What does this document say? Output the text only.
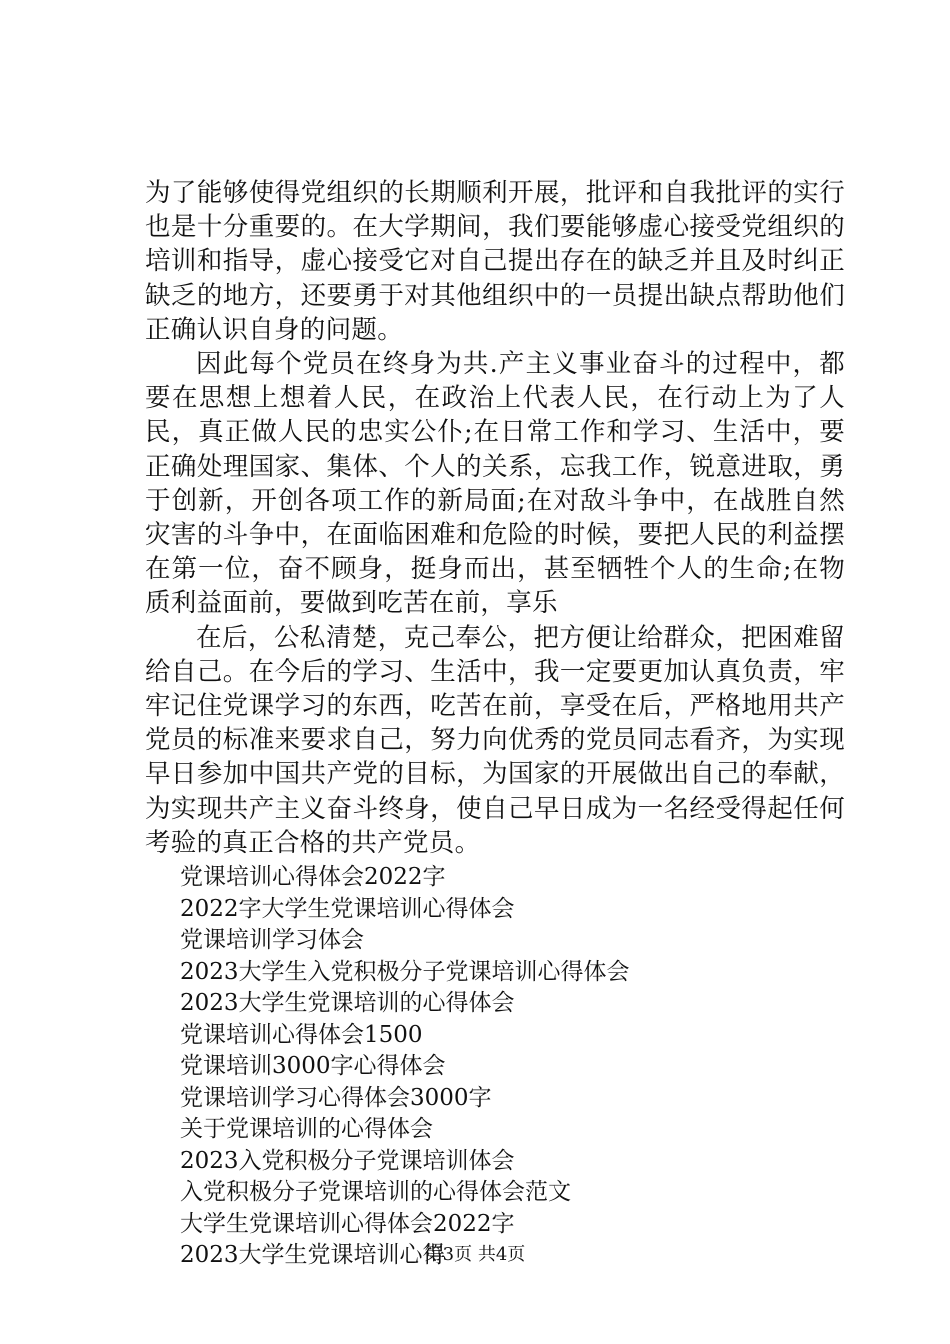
为了能够使得党组织的长期顺利开展，批评和自我批评的实行也是十分重要的。在大学期间，我们要能够虚心接受党组织的培训和指导，虚心接受它对自己提出存在的缺乏并且及时纠正缺乏的地方，还要勇于对其他组织中的一员提出缺点帮助他们正确认识自身的问题。

因此每个党员在终身为共.产主义事业奋斗的过程中，都要在思想上想着人民，在政治上代表人民，在行动上为了人民，真正做人民的忠实公仆;在日常工作和学习、生活中，要正确处理国家、集体、个人的关系，忘我工作，锐意进取，勇于创新，开创各项工作的新局面;在对敌斗争中，在战胜自然灾害的斗争中，在面临困难和危险的时候，要把人民的利益摆在第一位，奋不顾身，挺身而出，甚至牺牲个人的生命;在物质利益面前，要做到吃苦在前，享乐

在后，公私清楚，克己奉公，把方便让给群众，把困难留给自己。在今后的学习、生活中，我一定要更加认真负责，牢牢记住党课学习的东西，吃苦在前，享受在后，严格地用共产党员的标准来要求自己，努力向优秀的党员同志看齐，为实现早日参加中国共产党的目标，为国家的开展做出自己的奉献，为实现共产主义奋斗终身，使自己早日成为一名经受得起任何考验的真正合格的共产党员。

党课培训心得体会2022字
2022字大学生党课培训心得体会
党课培训学习体会
2023大学生入党积极分子党课培训心得体会
2023大学生党课培训的心得体会
党课培训心得体会1500
党课培训3000字心得体会
党课培训学习心得体会3000字
关于党课培训的心得体会
2023入党积极分子党课培训体会
入党积极分子党课培训的心得体会范文
大学生党课培训心得体会2022字
2023大学生党课培训心得
第3页 共4页
